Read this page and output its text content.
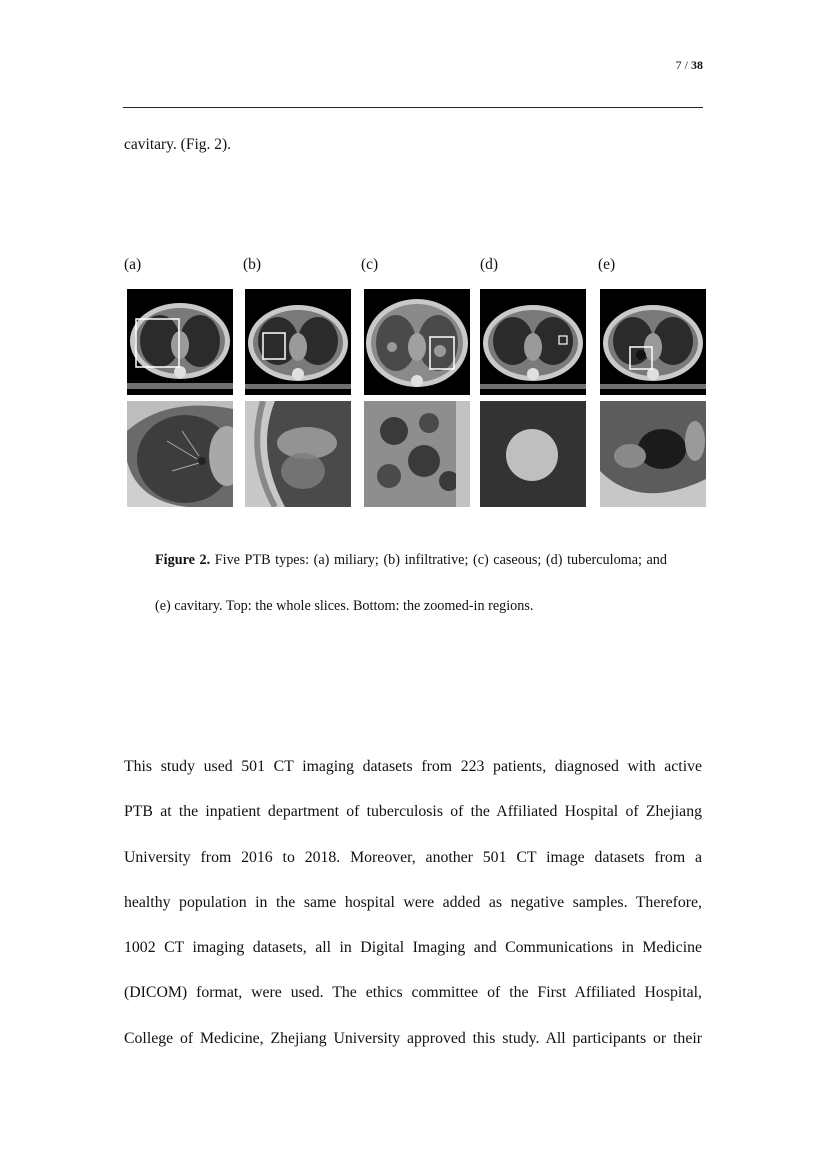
7 / 38
cavitary. (Fig. 2).
(a)	(b)	(c)	(d)	(e)
Figure 2. Five PTB types: (a) miliary; (b) infiltrative; (c) caseous; (d) tuberculoma; and (e) cavitary. Top: the whole slices. Bottom: the zoomed-in regions.

This study used 501 CT imaging datasets from 223 patients, diagnosed with active

PTB at the inpatient department of tuberculosis of the Affiliated Hospital of Zhejiang

University from 2016 to 2018. Moreover, another 501 CT image datasets from a

healthy population in the same hospital were added as negative samples. Therefore,

1002 CT imaging datasets, all in Digital Imaging and Communications in Medicine

(DICOM) format, were used. The ethics committee of the First Affiliated Hospital,

College of Medicine, Zhejiang University approved this study. All participants or their
